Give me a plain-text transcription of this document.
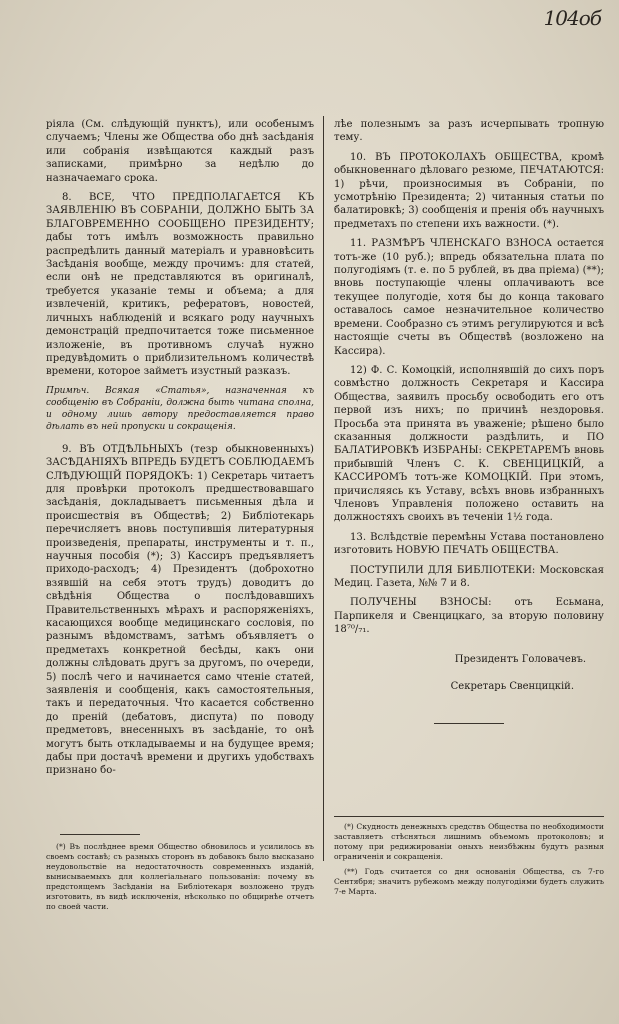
104об

ріяла (См. слѣдующій пунктъ), или особенымъ случаемъ; Члены же Общества обо днѣ засѣданія или собранія извѣщаются каждый разъ записками, примѣрно за недѣлю до назначаемаго срока.

8. ВСЕ, ЧТО ПРЕДПОЛАГАЕТСЯ КЪ ЗАЯВЛЕНІЮ ВЪ СОБРАНІИ, ДОЛЖНО БЫТЬ ЗА БЛАГОВРЕМЕННО СООБЩЕНО ПРЕЗИДЕНТУ; дабы тотъ имѣлъ возможность правильно распредѣлить данный матеріалъ и уравновѣсить Засѣданія вообще, между прочимъ: для статей, если онѣ не представляются въ оригиналѣ, требуется указаніе темы и объема; а для извлеченій, критикъ, рефератовъ, новостей, личныхъ наблюденій и всякаго роду научныхъ демонстрацій предпочитается тоже письменное изложеніе, въ противномъ случаѣ нужно предувѣдомить о приблизительномъ количествѣ времени, которое займетъ изустный разказъ.

Примѣч. Всякая «Статья», назначенная къ сообщенію въ Собраніи, должна быть читана сполна, и одному лишь автору предоставляется право дѣлать въ ней пропуски и сокращенія.

9. ВЪ ОТДѢЛЬНЫХЪ (тезр обыкновенныхъ) ЗАСѢДАНІЯХЪ ВПРЕДЬ БУДЕТЪ СОБЛЮДАЕМЪ СЛѢДУЮЩІЙ ПОРЯДОКЪ: 1) Секретарь читаетъ для провѣрки протоколъ предшествовавшаго засѣданія, докладываетъ письменныя дѣла и происшествія въ Обществѣ; 2) Библіотекарь перечисляетъ вновь поступившія литературныя произведенія, препараты, инструменты и т. п., научныя пособія (*); 3) Кассиръ предъявляетъ приходо-расходъ; 4) Президентъ (доброхотно взявшій на себя этотъ трудъ) доводитъ до свѣдѣнія Общества о послѣдовавшихъ Правительственныхъ мѣрахъ и распоряженіяхъ, касающихся вообще медицинскаго сословія, по разнымъ вѣдомствамъ, затѣмъ объявляетъ о предметахъ конкретной бесѣды, какъ они должны слѣдовать другъ за другомъ, по очереди, 5) послѣ чего и начинается само чтеніе статей, заявленія и сообщенія, какъ самостоятельныя, такъ и передаточныя. Что касается собственно до преній (дебатовъ, диспута) по поводу предметовъ, внесенныхъ въ засѣданіе, то онѣ могутъ быть откладываемы и на будущее время; дабы при достачѣ времени и другихъ удобствахъ признано бо-

лѣе полезнымъ за разъ исчерпывать тропную тему.

10. ВЪ ПРОТОКОЛАХЪ ОБЩЕСТВА, кромѣ обыкновеннаго дѣловаго резюме, ПЕЧАТАЮТСЯ: 1) рѣчи, произносимыя въ Собраніи, по усмотрѣнію Президента; 2) читанныя статьи по балатировкѣ; 3) сообщенія и пренія объ научныхъ предметахъ по степени ихъ важности. (*).

11. РАЗМѢРЪ ЧЛЕНСКАГО ВЗНОСА остается тотъ-же (10 руб.); впредь обязательна плата по полугодіямъ (т. е. по 5 рублей, въ два пріема) (**); вновь поступающіе члены оплачиваютъ все текущее полугодіе, хотя бы до конца таковаго оставалось самое незначительное количество времени. Сообразно съ этимъ регулируются и всѣ настоящіе счеты въ Обществѣ (возложено на Кассира).

12) Ф. С. Комоцкій, исполнявшій до сихъ поръ совмѣстно должность Секретаря и Кассира Общества, заявилъ просьбу освободить его отъ первой изъ нихъ; по причинѣ нездоровья. Просьба эта принята въ уваженіе; рѣшено было сказанныя должности раздѣлить, и ПО БАЛАТИРОВКѢ ИЗБРАНЫ: СЕКРЕТАРЕМЪ вновь прибывшій Членъ С. К. СВЕНЦИЦКІЙ, а КАССИРОМЪ тотъ-же КОМОЦКІЙ. При этомъ, причисляясь къ Уставу, всѣхъ вновь избранныхъ Членовъ Управленія положено оставить на должностяхъ своихъ въ теченіи 1½ года.

13. Вслѣдствіе перемѣны Устава постановлено изготовить НОВУЮ ПЕЧАТЬ ОБЩЕСТВА.

ПОСТУПИЛИ ДЛЯ БИБЛІОТЕКИ: Московская Медиц. Газета, №№ 7 и 8.

ПОЛУЧЕНЫ ВЗНОСЫ: отъ Есьмана, Парпикеля и Свенцицкаго, за вторую половину 18⁷⁰/₇₁.

Президентъ Головачевъ.
Секретарь Свенцицкій.

(*) Въ послѣднее время Общество обновилось и усилилось въ своемъ составѣ; съ разныхъ сторонъ въ добавокъ было высказано неудовольствіе на недостаточность современныхъ изданій, вынисываемыхъ для коллегіальнаго пользованія: почему въ предстоящемъ Засѣданіи на Библіотекаря возложено трудъ изготовить, въ видѣ исключенія, нѣсколько по общирнѣе отчетъ по своей части.

(*) Скудность денежныхъ средствъ Общества по необходимости заставляетъ стѣсняться лишнимъ объемомъ протоколовъ; и потому при редижированіи оныхъ неизбѣжны будутъ разныя ограниченія и сокращенія.

(**) Годъ считается со дня основанія Общества, съ 7-го Сентября; значитъ рубежомъ между полугодіями будетъ служить 7-е Марта.
